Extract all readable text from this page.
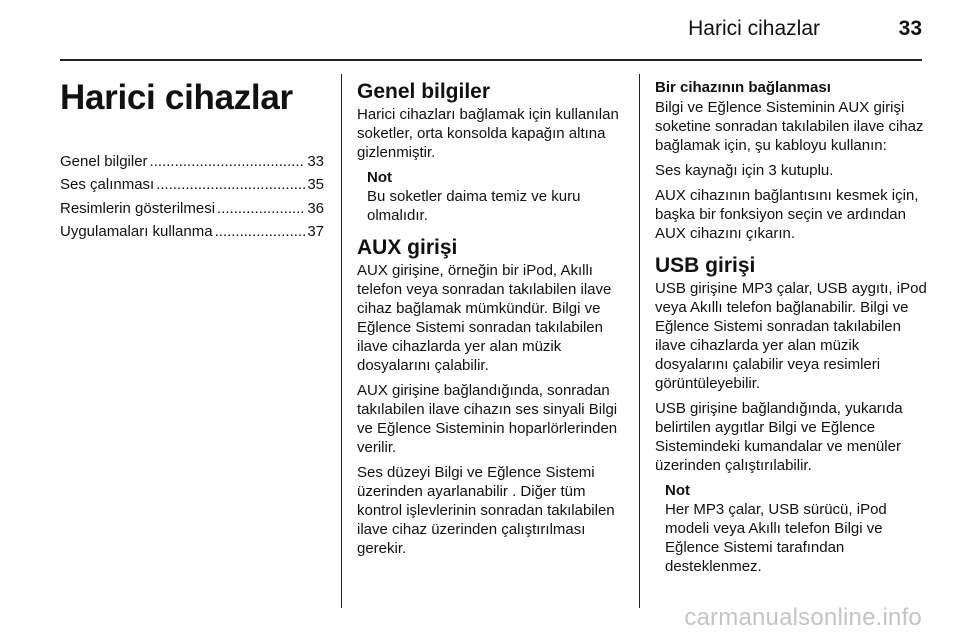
Harici cihazlar	33
Harici cihazlar
Genel bilgiler .....	33
Ses çalınması .....	35
Resimlerin gösterilmesi .....	36
Uygulamaları kullanma .....	37
Genel bilgiler

Harici cihazları bağlamak için kullanılan soketler, orta konsolda kapağın altına gizlenmiştir.

Not

Bu soketler daima temiz ve kuru olmalıdır.

AUX girişi

AUX girişine, örneğin bir iPod, Akıllı telefon veya sonradan takılabilen ilave cihaz bağlamak mümkündür. Bilgi ve Eğlence Sistemi sonradan takılabilen ilave cihazlarda yer alan müzik dosyalarını çalabilir.

AUX girişine bağlandığında, sonradan takılabilen ilave cihazın ses sinyali Bilgi ve Eğlence Sisteminin hoparlörlerinden verilir.

Ses düzeyi Bilgi ve Eğlence Sistemi üzerinden ayarlanabilir . Diğer tüm kontrol işlevlerinin sonradan takılabilen ilave cihaz üzerinden çalıştırılması gerekir.

Bir cihazının bağlanması

Bilgi ve Eğlence Sisteminin AUX girişi soketine sonradan takılabilen ilave cihaz bağlamak için, şu kabloyu kullanın:

Ses kaynağı için 3 kutuplu.

AUX cihazının bağlantısını kesmek için, başka bir fonksiyon seçin ve ardından AUX cihazını çıkarın.

USB girişi

USB girişine MP3 çalar, USB aygıtı, iPod veya Akıllı telefon bağlanabilir. Bilgi ve Eğlence Sistemi sonradan takılabilen ilave cihazlarda yer alan müzik dosyalarını çalabilir veya resimleri görüntüleyebilir.

USB girişine bağlandığında, yukarıda belirtilen aygıtlar Bilgi ve Eğlence Sistemindeki kumandalar ve menüler üzerinden çalıştırılabilir.

Not

Her MP3 çalar, USB sürücü, iPod modeli veya Akıllı telefon Bilgi ve Eğlence Sistemi tarafından desteklenmez.

carmanualsonline.info
